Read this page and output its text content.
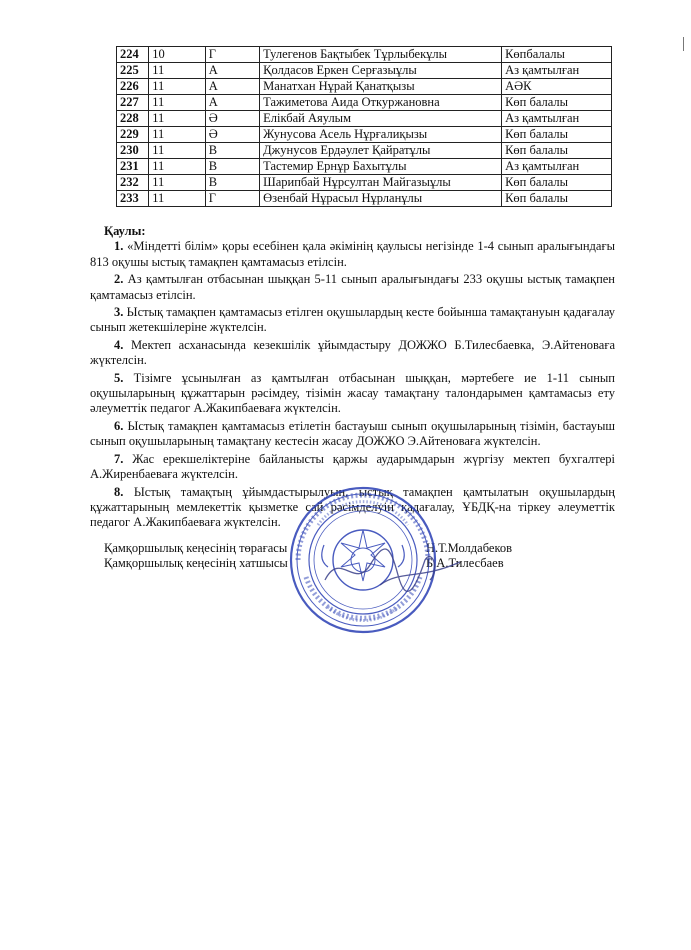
224	10	Г	Тулегенов Бақтыбек Тұрлыбекұлы	Көпбалалы
225	11	А	Қолдасов Еркен Серғазыұлы	Аз қамтылған
226	11	А	Манатхан Нұрай Қанатқызы	АӘК
227	11	А	Тажиметова Аида Откуржановна	Көп балалы
228	11	Ә	Елікбай Аяулым	Аз қамтылған
229	11	Ә	Жунусова Асель Нұрғалиқызы	Көп балалы
230	11	В	Джунусов Ердәулет Қайратұлы	Көп балалы
231	11	В	Тастемир Ернұр Бахытұлы	Аз қамтылған
232	11	В	Шарипбай Нұрсултан Майгазыұлы	Көп балалы
233	11	Г	Өзенбай Нұрасыл Нұрланұлы	Көп балалы

Қаулы:

1. «Міндетті білім» қоры есебінен қала әкімінің қаулысы негізінде 1-4 сынып аралығындағы 813 оқушы ыстық тамақпен қамтамасыз етілсін.

2. Аз қамтылған отбасынан шыққан 5-11 сынып аралығындағы 233 оқушы ыстық тамақпен қамтамасыз етілсін.

3. Ыстық тамақпен қамтамасыз етілген оқушылардың кесте бойынша тамақтануын қадағалау сынып жетекшілеріне жүктелсін.

4. Мектеп асханасында кезекшілік ұйымдастыру ДОЖЖО Б.Тилесбаевка, Э.Айтеноваға жүктелсін.

5. Тізімге ұсынылған аз қамтылған отбасынан шыққан, мәртебеге ие 1-11 сынып оқушыларының құжаттарын рәсімдеу, тізімін жасау тамақтану талондарымен қамтамасыз ету әлеуметтік педагог А.Жакипбаеваға жүктелсін.

6. Ыстық тамақпен қамтамасыз етілетін бастауыш сынып оқушыларының тізімін, бастауыш сынып оқушыларының тамақтану кестесін жасау ДОЖЖО Э.Айтеноваға жүктелсін.

7. Жас ерекшеліктеріне байланысты қаржы аударымдарын жүргізу мектеп бухгалтері А.Жиренбаеваға жүктелсін.

8. Ыстық тамақтың ұйымдастырылуын, ыстық тамақпен қамтылатын оқушылардың құжаттарының мемлекеттік қызметке сай рәсімделуін қадағалау, ҰБДҚ-на тіркеу әлеуметтік педагог А.Жакипбаеваға жүктелсін.

Қамқоршылық кеңесінің төрағасы	Н.Т.Молдабеков
Қамқоршылық кеңесінің хатшысы	Б.А.Тилесбаев
